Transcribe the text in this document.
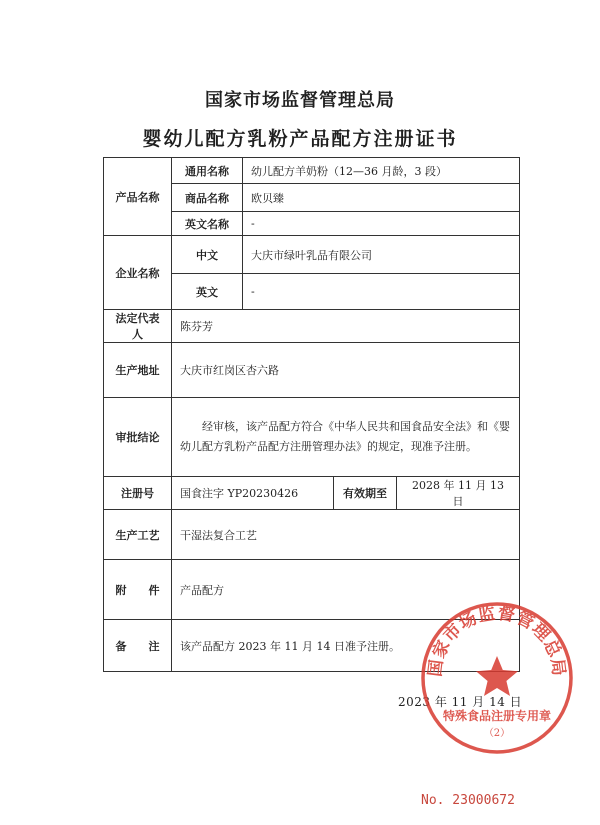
国家市场监督管理总局

婴幼儿配方乳粉产品配方注册证书

产品名称	通用名称	幼儿配方羊奶粉（12—36 月龄，3 段）		
	商品名称	欧贝臻		
	英文名称	-		
企业名称	中文	大庆市绿叶乳品有限公司		
	英文	-		
法定代表人	陈芬芳			
生产地址	大庆市红岗区杏六路			
审批结论	经审核，该产品配方符合《中华人民共和国食品安全法》和《婴幼儿配方乳粉产品配方注册管理办法》的规定，现准予注册。			

注册号	国食注字 YP20230426		有效期至	2028 年 11 月 13 日
生产工艺	干湿法复合工艺			
附　　件	产品配方			
备　　注	该产品配方 2023 年 11 月 14 日准予注册。			
2023 年 11 月 14 日
国家市场监督管理总局
特殊食品注册专用章
（2）
No. 23000672
